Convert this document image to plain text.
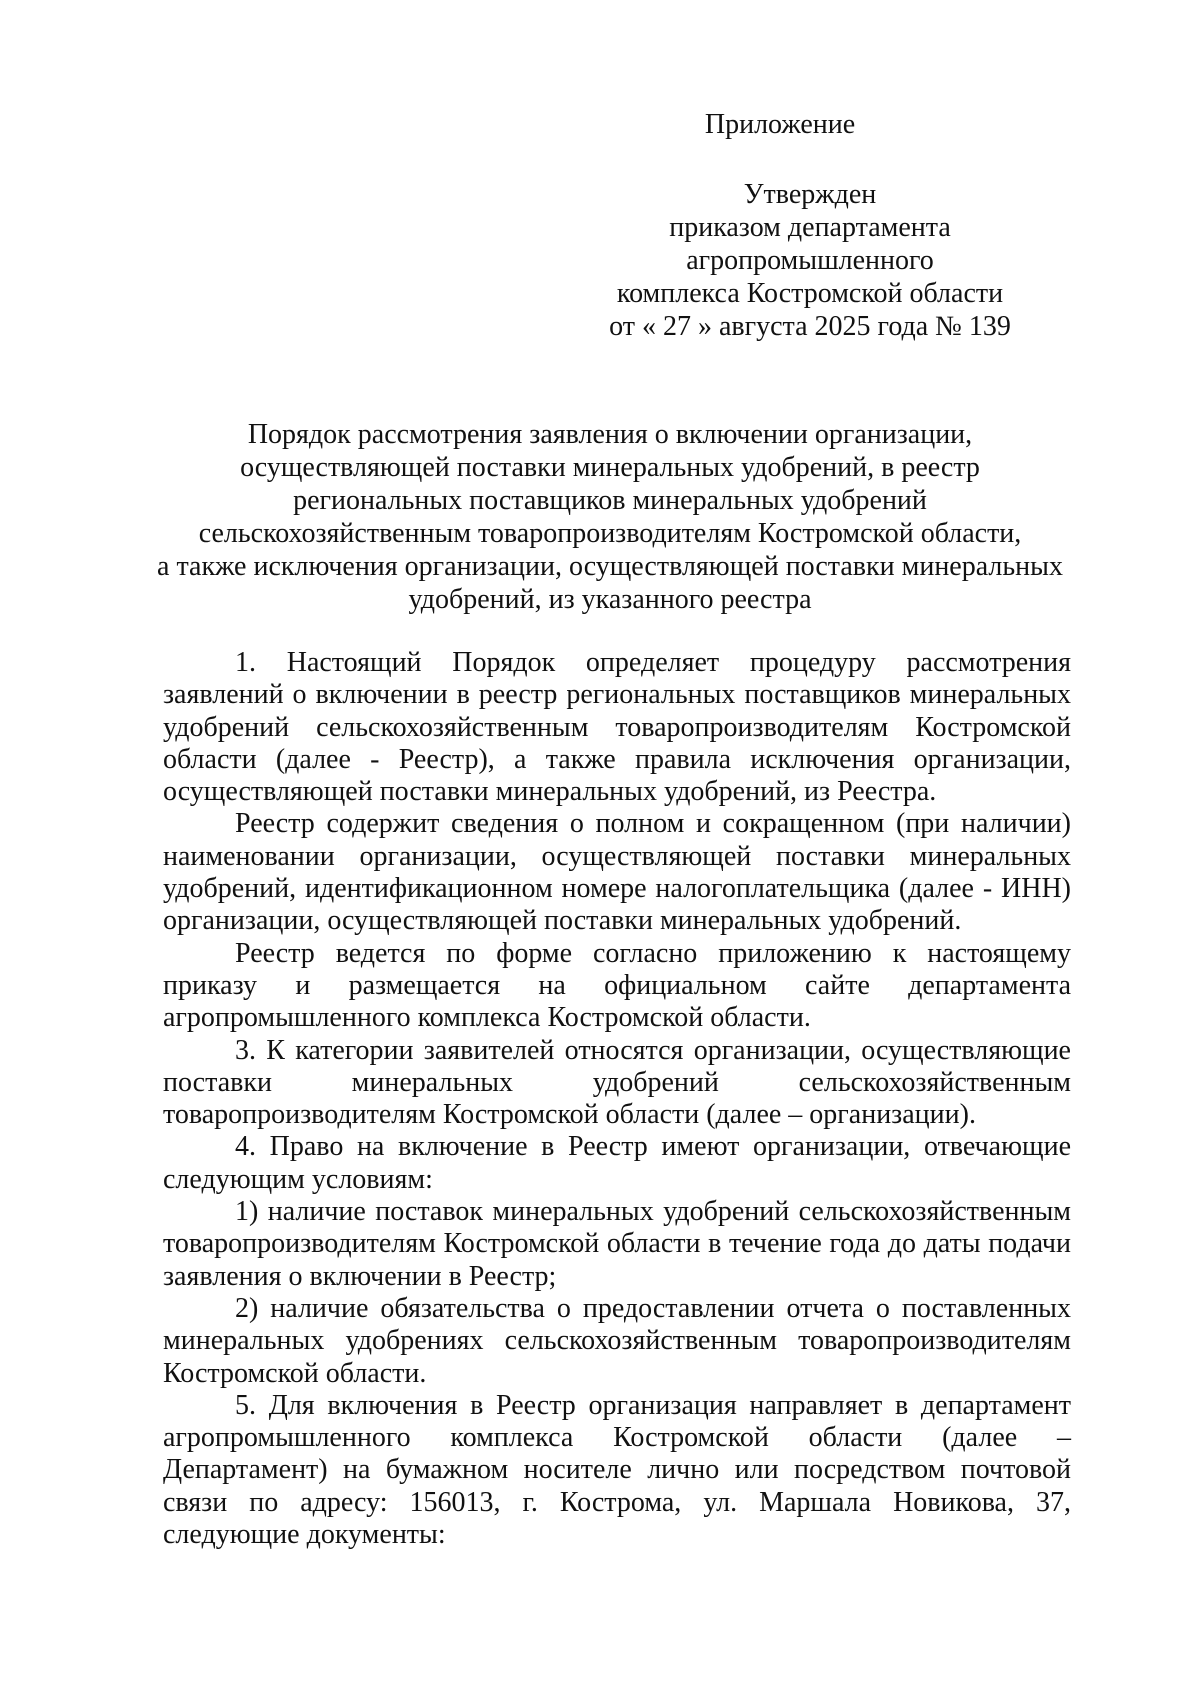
Приложение
Утвержден
приказом департамента
агропромышленного
комплекса Костромской области
от « 27 » августа 2025 года № 139
Порядок рассмотрения заявления о включении организации,
осуществляющей поставки минеральных удобрений, в реестр
региональных поставщиков минеральных удобрений
сельскохозяйственным товаропроизводителям Костромской области,
а также исключения организации, осуществляющей поставки минеральных
удобрений, из указанного реестра

1. Настоящий Порядок определяет процедуру рассмотрения заявлений о включении в реестр региональных поставщиков минеральных удобрений сельскохозяйственным товаропроизводителям Костромской области (далее - Реестр), а также правила исключения организации, осуществляющей поставки минеральных удобрений, из Реестра.

Реестр содержит сведения о полном и сокращенном (при наличии) наименовании организации, осуществляющей поставки минеральных удобрений, идентификационном номере налогоплательщика (далее - ИНН) организации, осуществляющей поставки минеральных удобрений.

Реестр ведется по форме согласно приложению к настоящему приказу и размещается на официальном сайте департамента агропромышленного комплекса Костромской области.

3. К категории заявителей относятся организации, осуществляющие поставки минеральных удобрений сельскохозяйственным товаропроизводителям Костромской области (далее – организации).

4. Право на включение в Реестр имеют организации, отвечающие следующим условиям:

1) наличие поставок минеральных удобрений сельскохозяйственным товаропроизводителям Костромской области в течение года до даты подачи заявления о включении в Реестр;

2) наличие обязательства о предоставлении отчета о поставленных минеральных удобрениях сельскохозяйственным товаропроизводителям Костромской области.

5. Для включения в Реестр организация направляет в департамент агропромышленного комплекса Костромской области (далее – Департамент) на бумажном носителе лично или посредством почтовой связи по адресу: 156013, г. Кострома, ул. Маршала Новикова, 37, следующие документы:
